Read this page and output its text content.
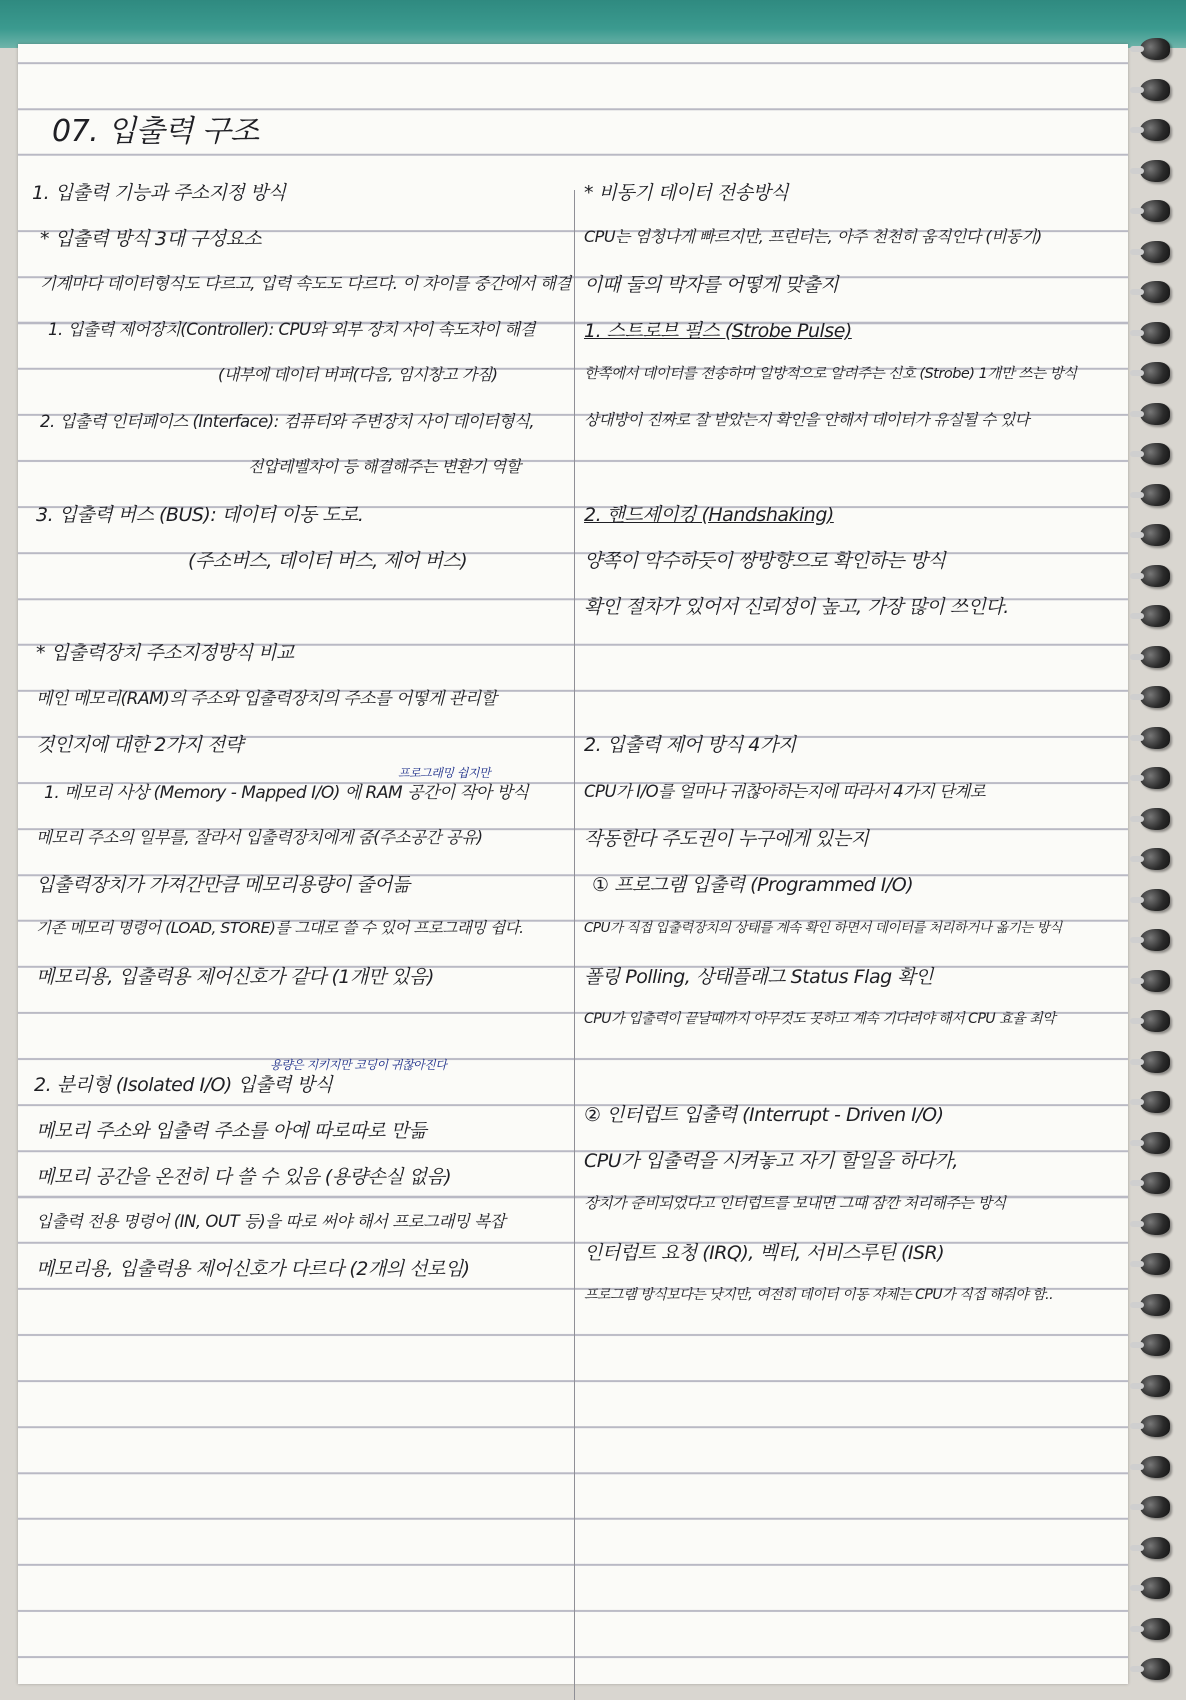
07. 입출력 구조

1. 입출력 기능과 주소지정 방식

* 입출력 방식 3대 구성요소

기계마다 데이터형식도 다르고, 입력 속도도 다르다. 이 차이를 중간에서 해결

1. 입출력 제어장치(Controller): CPU와 외부 장치 사이 속도차이 해결

(내부에 데이터 버퍼(다음, 임시창고 가짐)

2. 입출력 인터페이스 (Interface): 컴퓨터와 주변장치 사이 데이터형식,

전압레벨차이 등 해결해주는 변환기 역할

3. 입출력 버스 (BUS): 데이터 이동 도로.

(주소버스, 데이터 버스, 제어 버스)

* 입출력장치 주소지정방식 비교

메인 메모리(RAM)의 주소와 입출력장치의 주소를 어떻게 관리할

것인지에 대한 2가지 전략

프로그래밍 쉽지만

1. 메모리 사상 (Memory - Mapped I/O) 에 RAM 공간이 작아 방식

메모리 주소의 일부를, 잘라서 입출력장치에게 줌(주소공간 공유)

입출력장치가 가져간만큼 메모리용량이 줄어듦

기존 메모리 명령어 (LOAD, STORE)를 그대로 쓸 수 있어 프로그래밍 쉽다.

메모리용, 입출력용 제어신호가 같다 (1개만 있음)

용량은 지키지만 코딩이 귀찮아진다

2. 분리형 (Isolated I/O) 입출력 방식

메모리 주소와 입출력 주소를 아예 따로따로 만듦

메모리 공간을 온전히 다 쓸 수 있음 (용량손실 없음)

입출력 전용 명령어 (IN, OUT 등)을 따로 써야 해서 프로그래밍 복잡

메모리용, 입출력용 제어신호가 다르다 (2개의 선로임)

* 비동기 데이터 전송방식

CPU는 엄청나게 빠르지만, 프린터는, 아주 천천히 움직인다 (비동기)

이때 둘의 박자를 어떻게 맞출지

1. 스트로브 펄스 (Strobe Pulse)

한쪽에서 데이터를 전송하며 일방적으로 알려주는 신호 (Strobe) 1개만 쓰는 방식

상대방이 진짜로 잘 받았는지 확인을 안해서 데이터가 유실될 수 있다

2. 핸드셰이킹 (Handshaking)

양쪽이 악수하듯이 쌍방향으로 확인하는 방식

확인 절차가 있어서 신뢰성이 높고, 가장 많이 쓰인다.

2. 입출력 제어 방식 4가지

CPU가 I/O를 얼마나 귀찮아하는지에 따라서 4가지 단계로

작동한다 주도권이 누구에게 있는지

① 프로그램 입출력 (Programmed I/O)

CPU가 직접 입출력장치의 상태를 계속 확인 하면서 데이터를 처리하거나 옮기는 방식

폴링 Polling, 상태플래그 Status Flag 확인

CPU가 입출력이 끝날때까지 아무것도 못하고 계속 기다려야 해서 CPU 효율 최악

② 인터럽트 입출력 (Interrupt - Driven I/O)

CPU가 입출력을 시켜놓고 자기 할일을 하다가,

장치가 준비되었다고 인터럽트를 보내면 그때 잠깐 처리해주는 방식

인터럽트 요청 (IRQ), 벡터, 서비스루틴 (ISR)

프로그램 방식보다는 낫지만, 여전히 데이터 이동 자체는 CPU가 직접 해줘야 함..
